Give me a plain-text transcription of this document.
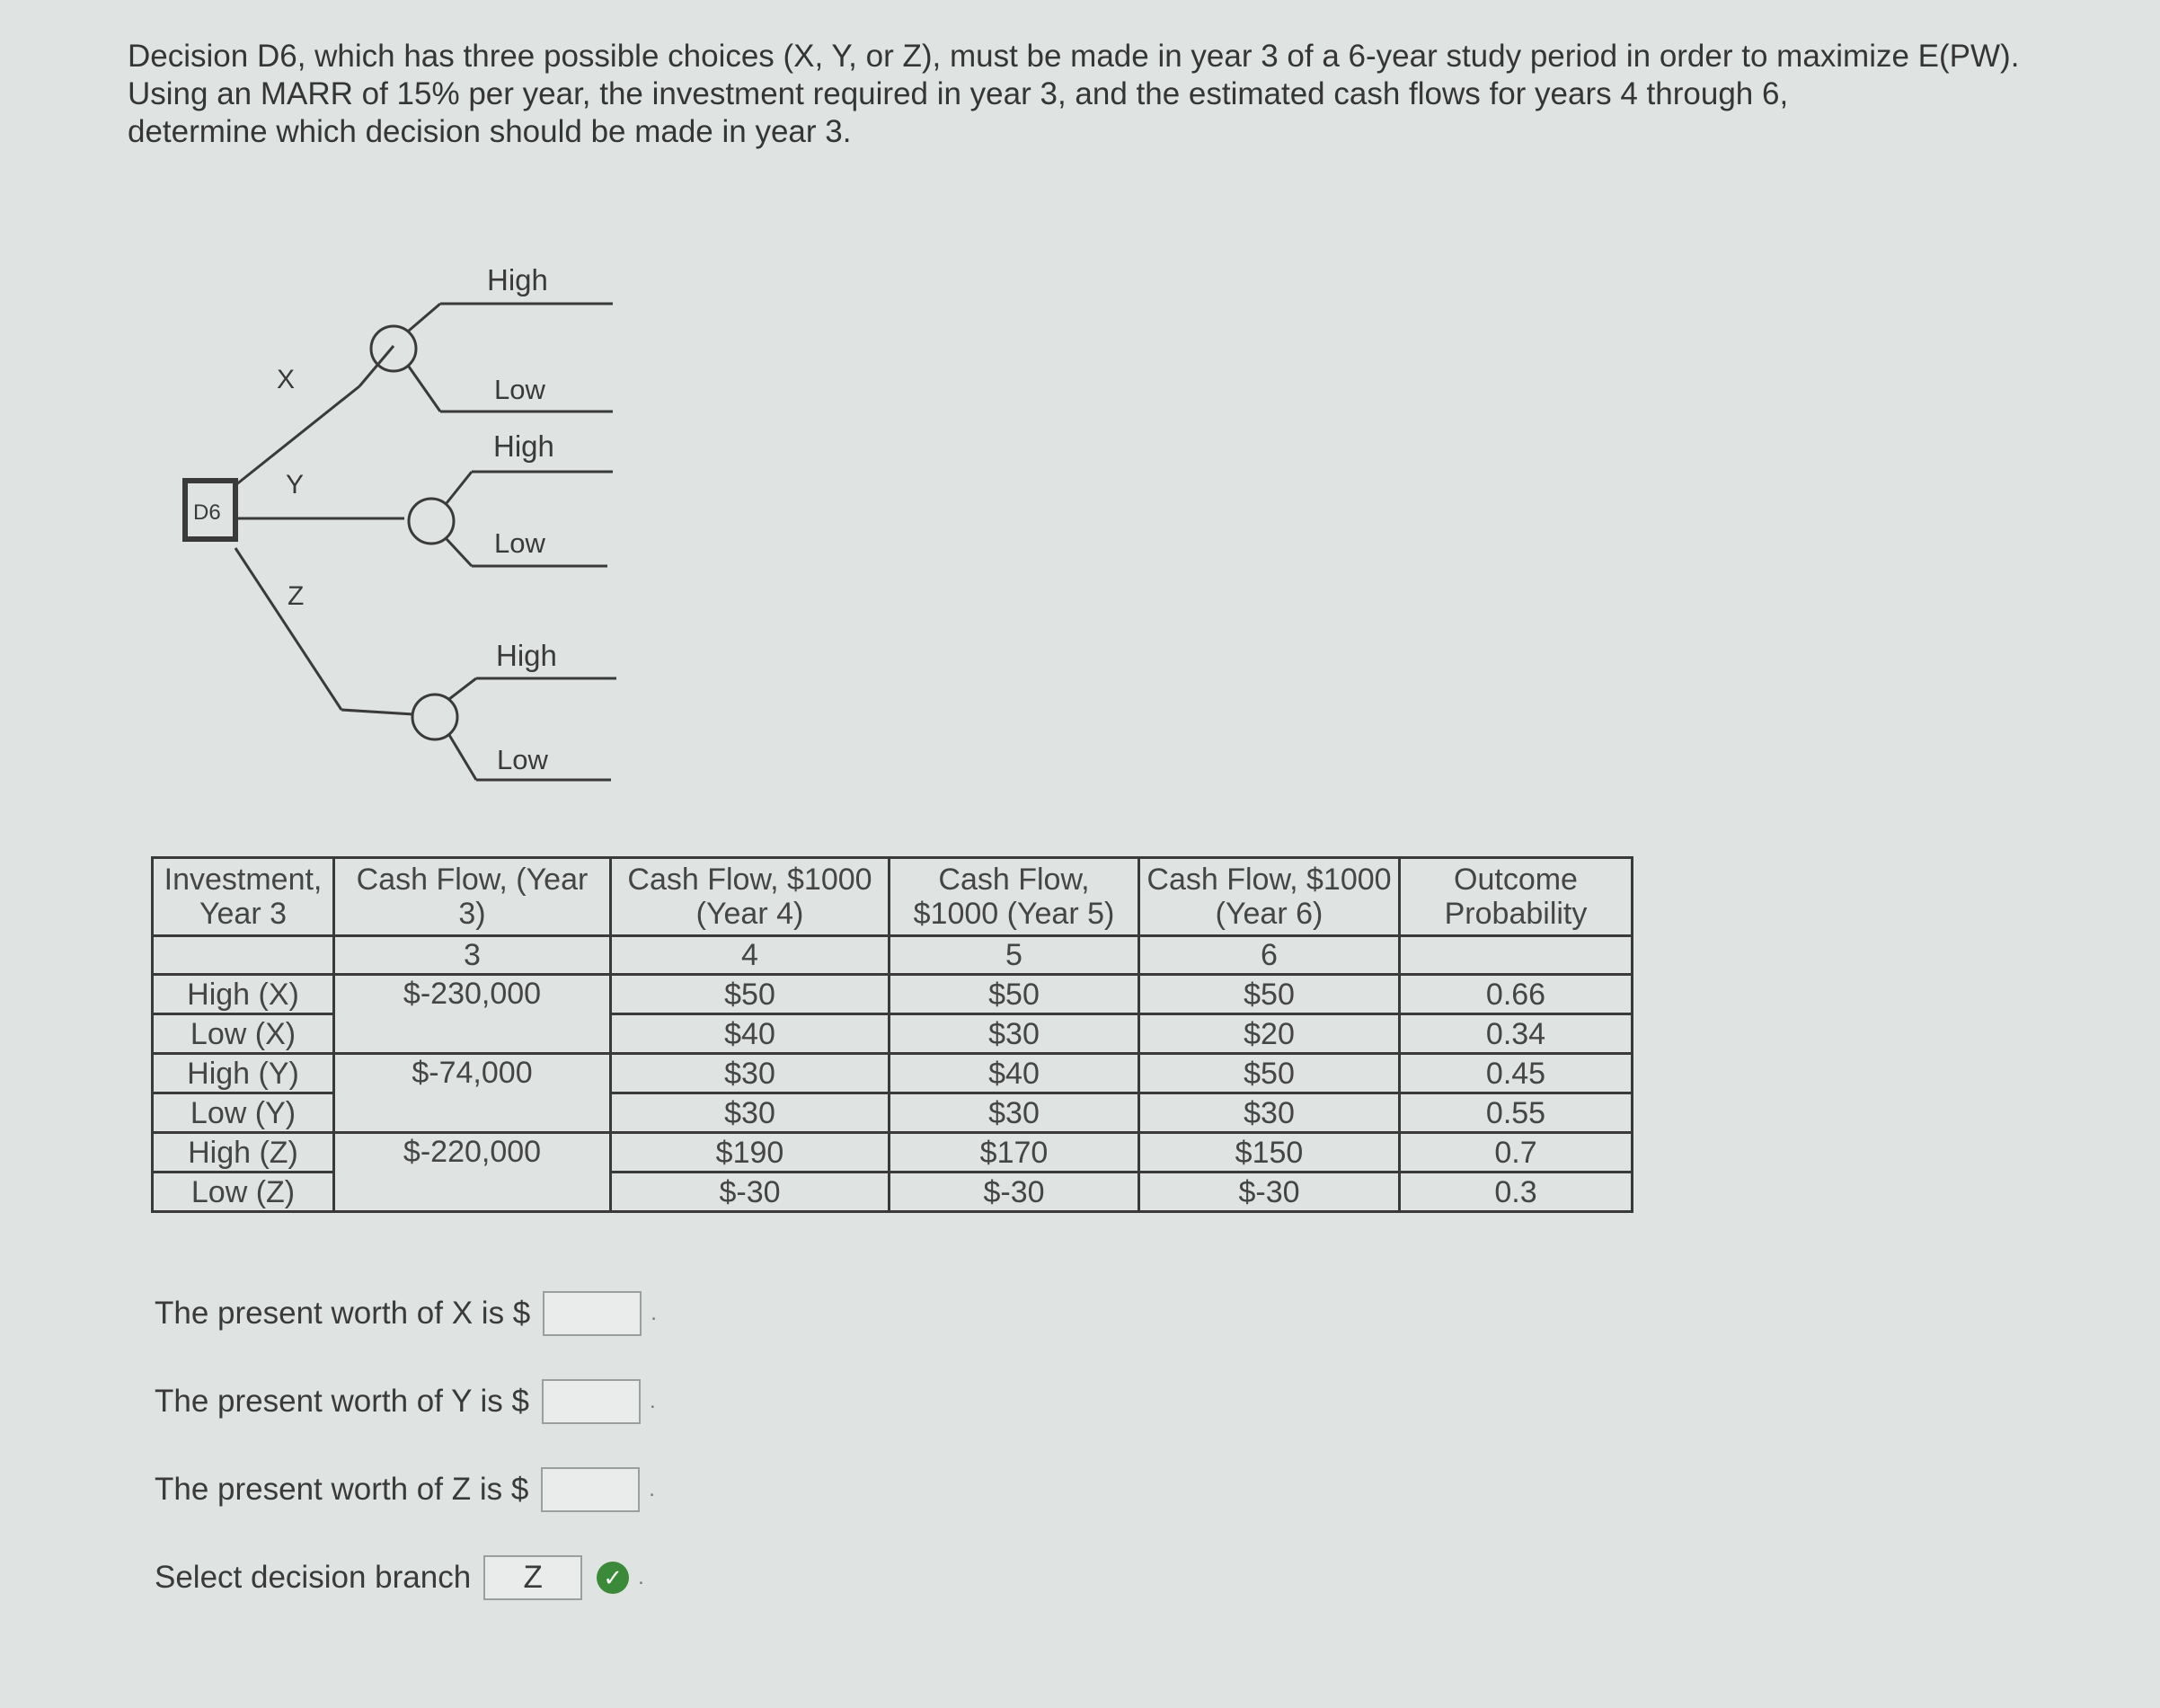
Decision D6, which has three possible choices (X, Y, or Z), must be made in year 3 of a 6-year study period in order to maximize E(PW).

Using an MARR of 15% per year, the investment required in year 3, and the estimated cash flows for years 4 through 6,

determine which decision should be made in year 3.

D6
X
Y
Z
High
Low
High
Low
High
Low
Investment, Year 3	Cash Flow, (Year 3)	Cash Flow, $1000 (Year 4)	Cash Flow, $1000 (Year 5)	Cash Flow, $1000 (Year 6)	Outcome Probability
	3	4	5	6	
High (X)	$-230,000	$50	$50	$50	0.66
Low (X)		$40	$30	$20	0.34
High (Y)	$-74,000	$30	$40	$50	0.45
Low (Y)		$30	$30	$30	0.55
High (Z)	$-220,000	$190	$170	$150	0.7
Low (Z)		$-30	$-30	$-30	0.3
The present worth of X is $	.
The present worth of Y is $	.
The present worth of Z is $	.
Select decision branch	Z	✓ .
